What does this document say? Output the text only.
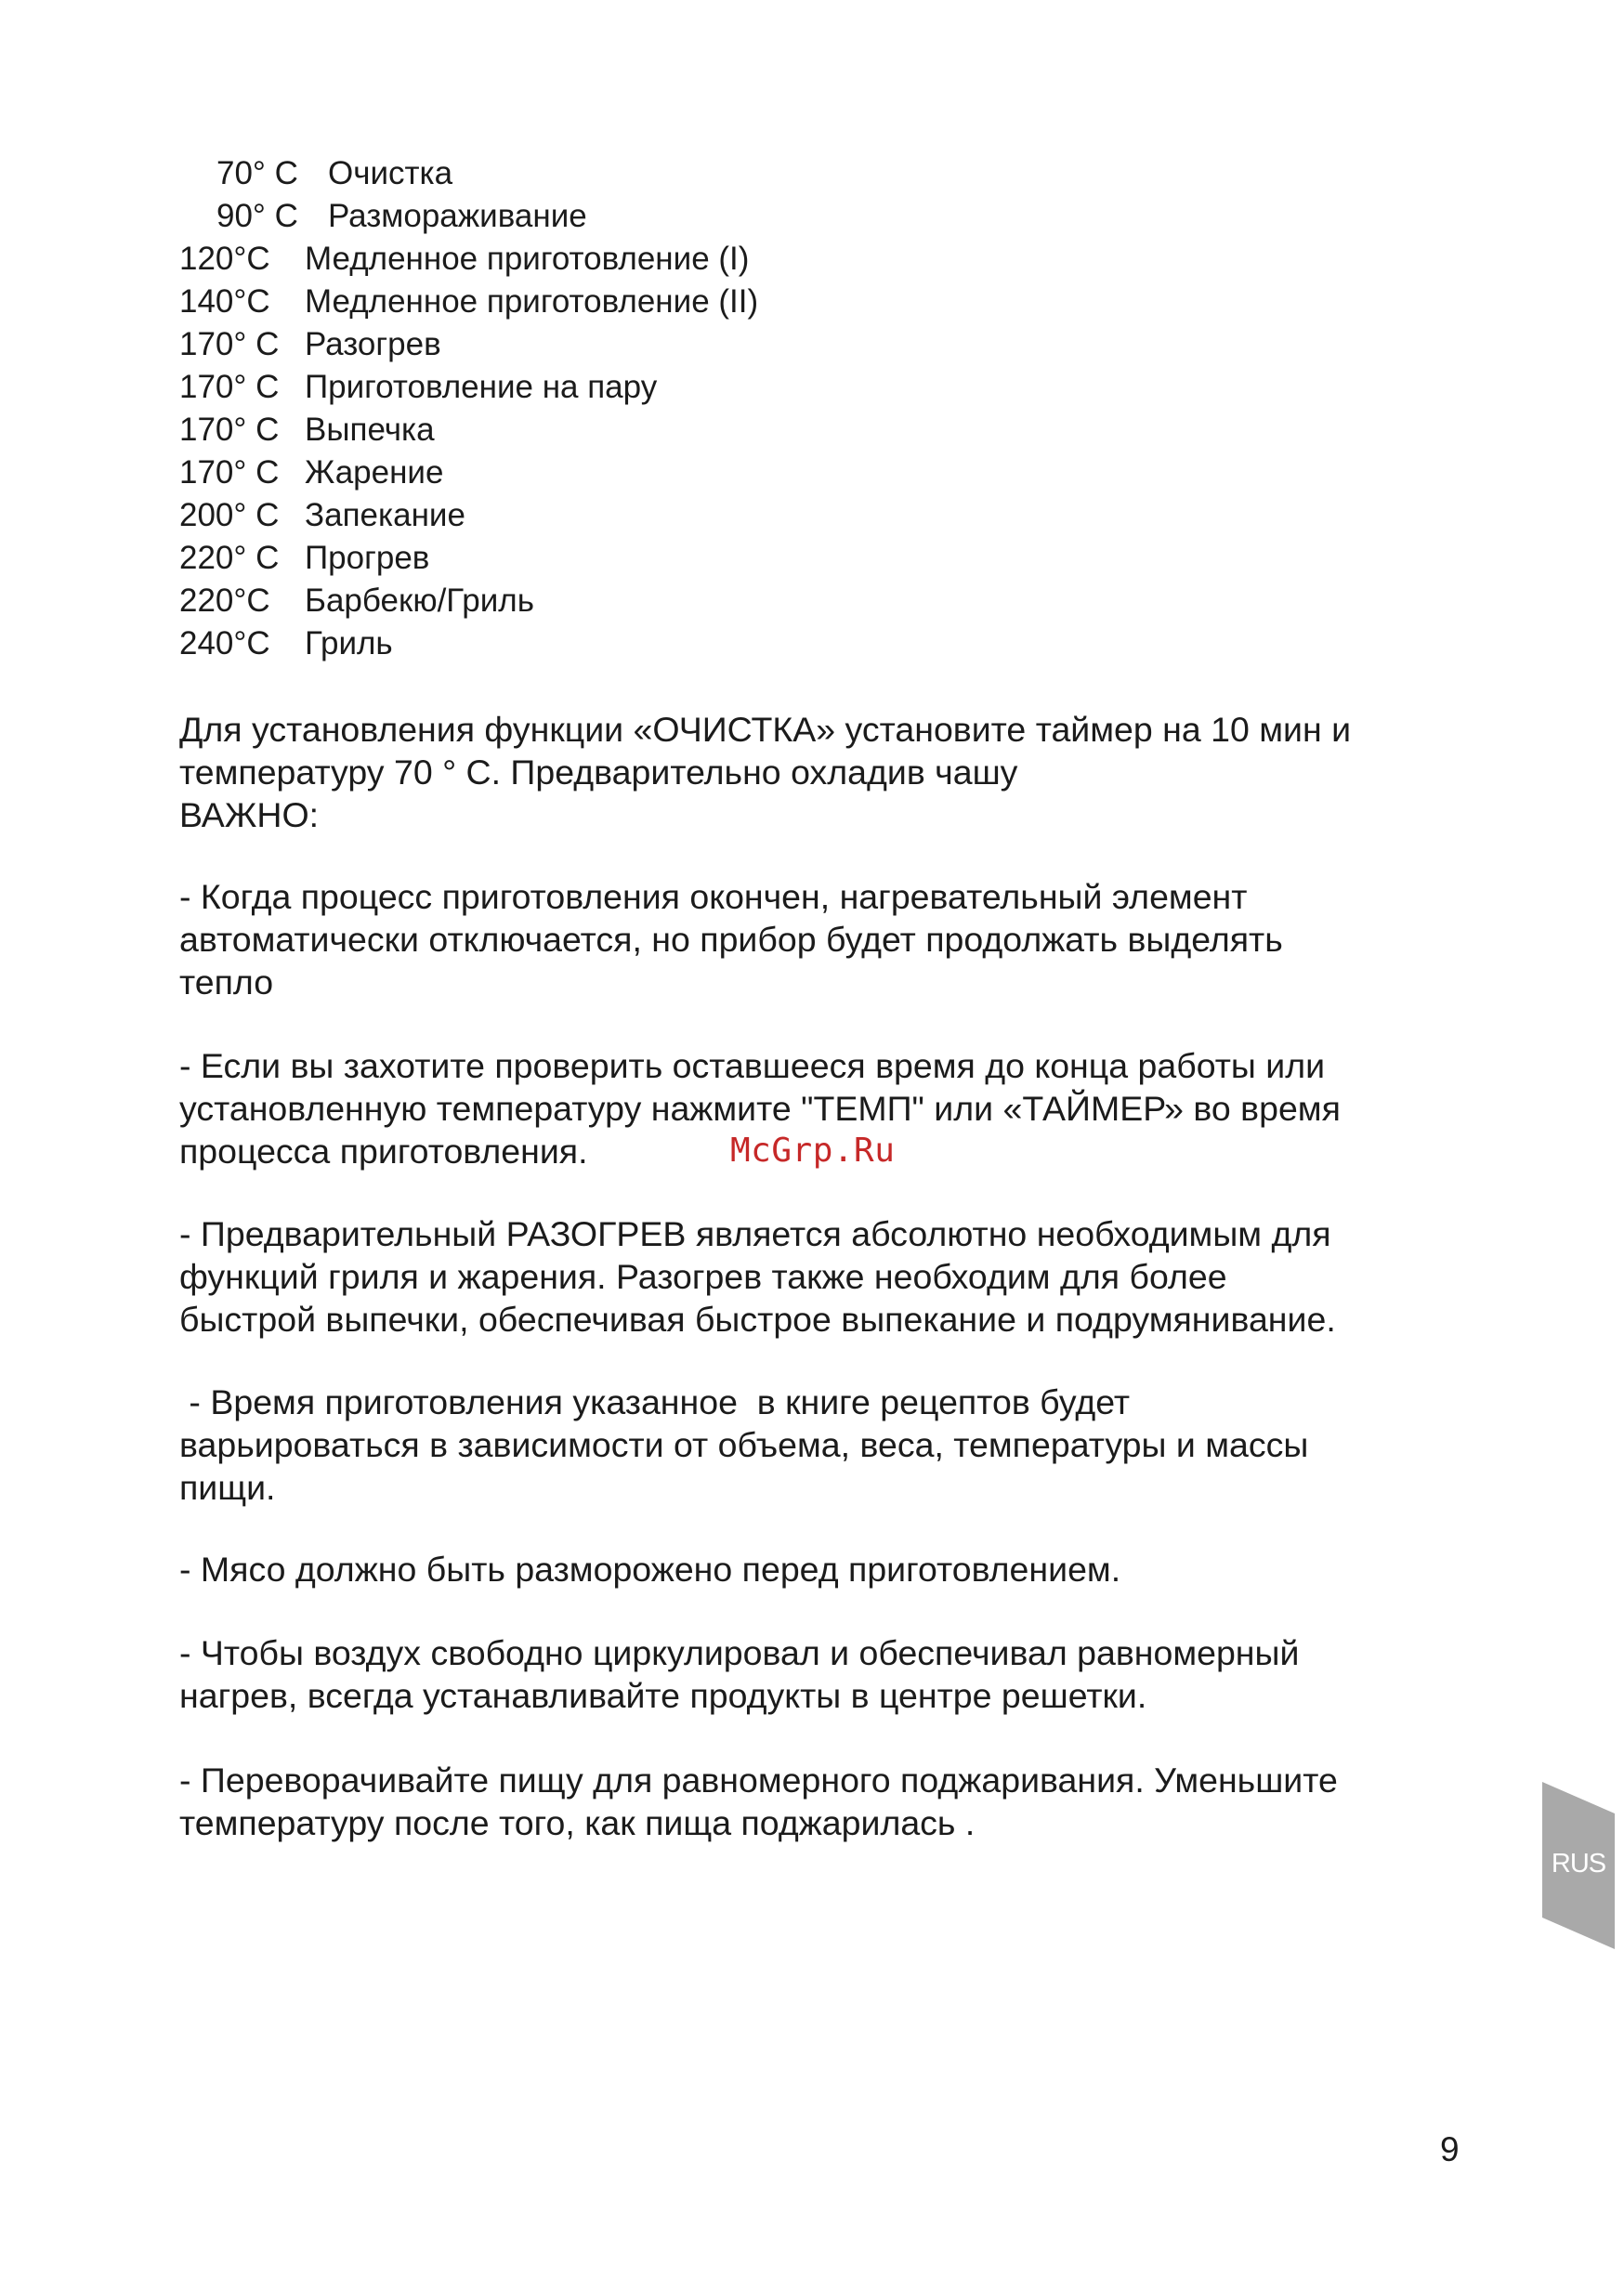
70° C Очистка
90° C Размораживание
120°C	Медленное приготовление (I)
140°C	Медленное приготовление (II)
170° C Разогрев
170° C Приготовление на пару
170° C Выпечка
170° C Жарение
200° C Запекание
220° C Прогрев
220°C	Барбекю/Гриль
240°C	Гриль

Для установления функции «ОЧИСТКА» установите таймер на 10 мин и
температуру 70 ° С. Предварительно охладив чашу
ВАЖНО:

- Когда процесс приготовления окончен, нагревательный элемент
автоматически отключается, но прибор будет продолжать выделять
тепло

- Если вы захотите проверить оставшееся время до конца работы или
установленную температуру нажмите "ТЕМП" или «ТАЙМЕР» во время
процесса приготовления.	McGrp.Ru

- Предварительный РАЗОГРЕВ является абсолютно необходимым для
функций гриля и жарения. Разогрев также необходим для более
быстрой выпечки, обеспечивая быстрое выпекание и подрумянивание.

- Время приготовления указанное  в книге рецептов будет
варьироваться в зависимости от объема, веса, температуры и массы
пищи.

- Мясо должно быть разморожено перед приготовлением.

- Чтобы воздух свободно циркулировал и обеспечивал равномерный
нагрев, всегда устанавливайте продукты в центре решетки.

- Переворачивайте пищу для равномерного поджаривания. Уменьшите
температуру после того, как пища поджарилась .

RUS
9
